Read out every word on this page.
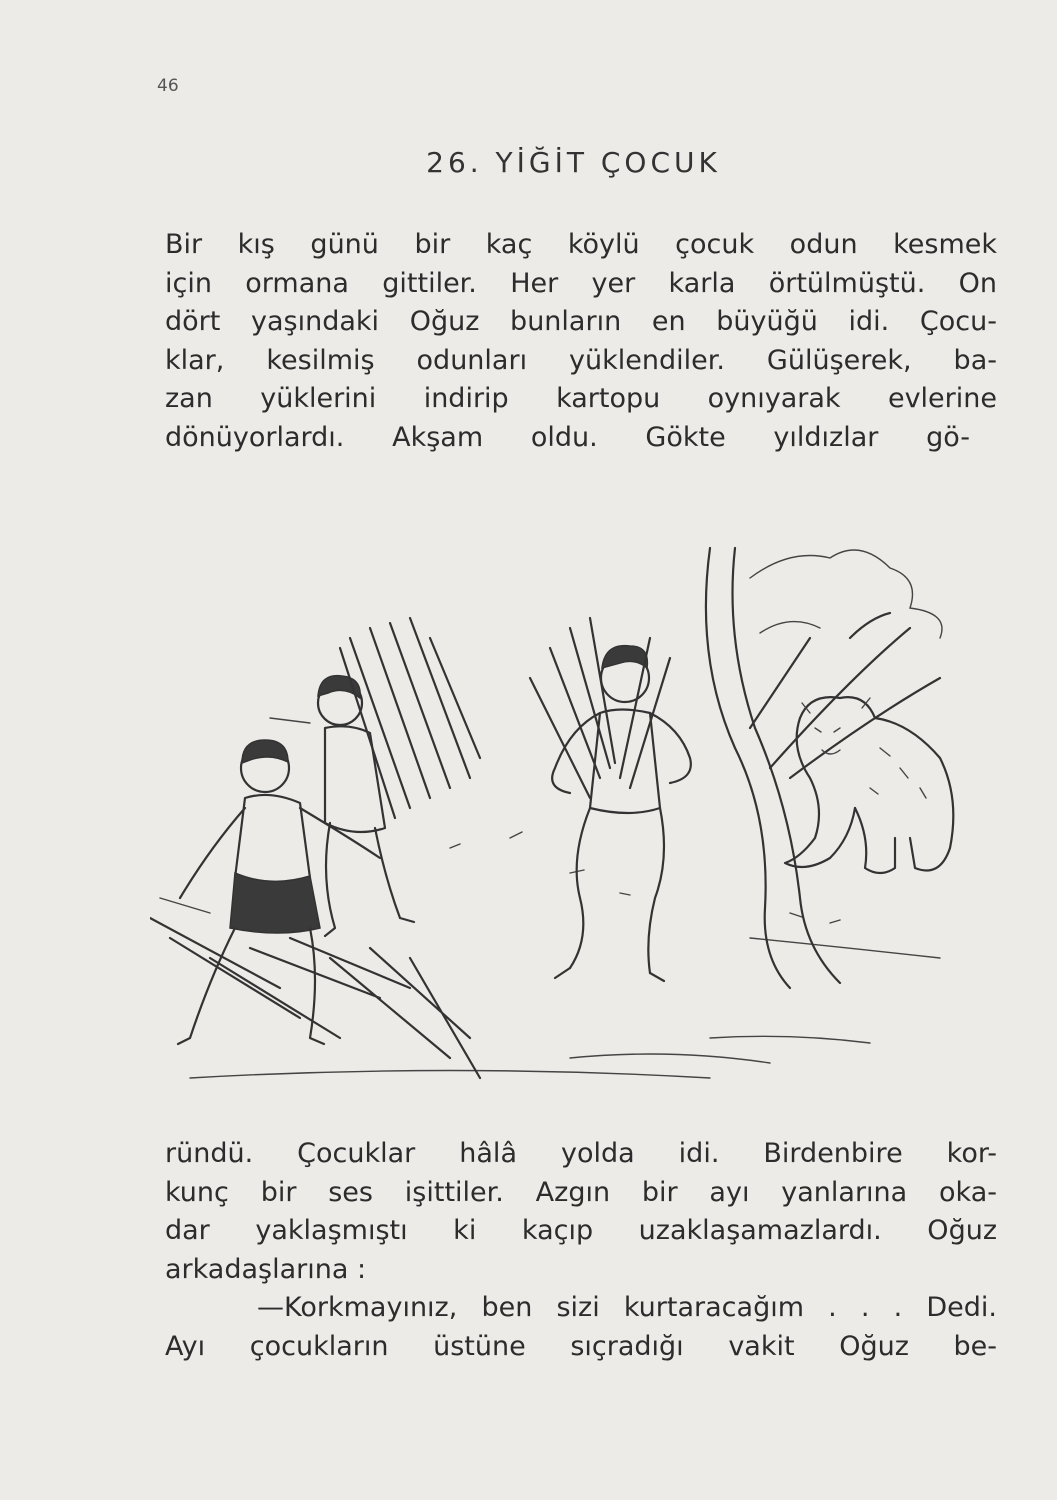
46
26. YİĞİT ÇOCUK
Bir kış günü bir kaç köylü çocuk odun kesmek
için ormana gittiler. Her yer karla örtülmüştü. On
dört yaşındaki Oğuz bunların en büyüğü idi. Çocu-
klar, kesilmiş odunları yüklendiler. Gülüşerek, ba-
zan yüklerini indirip kartopu oynıyarak evlerine
dönüyorlardı. Akşam oldu. Gökte yıldızlar gö-
ründü. Çocuklar hâlâ yolda idi. Birdenbire kor-
kunç bir ses işittiler. Azgın bir ayı yanlarına oka-
dar yaklaşmıştı ki kaçıp uzaklaşamazlardı. Oğuz
arkadaşlarına :
—Korkmayınız, ben sizi kurtaracağım . . . Dedi.
Ayı çocukların üstüne sıçradığı vakit Oğuz be-
